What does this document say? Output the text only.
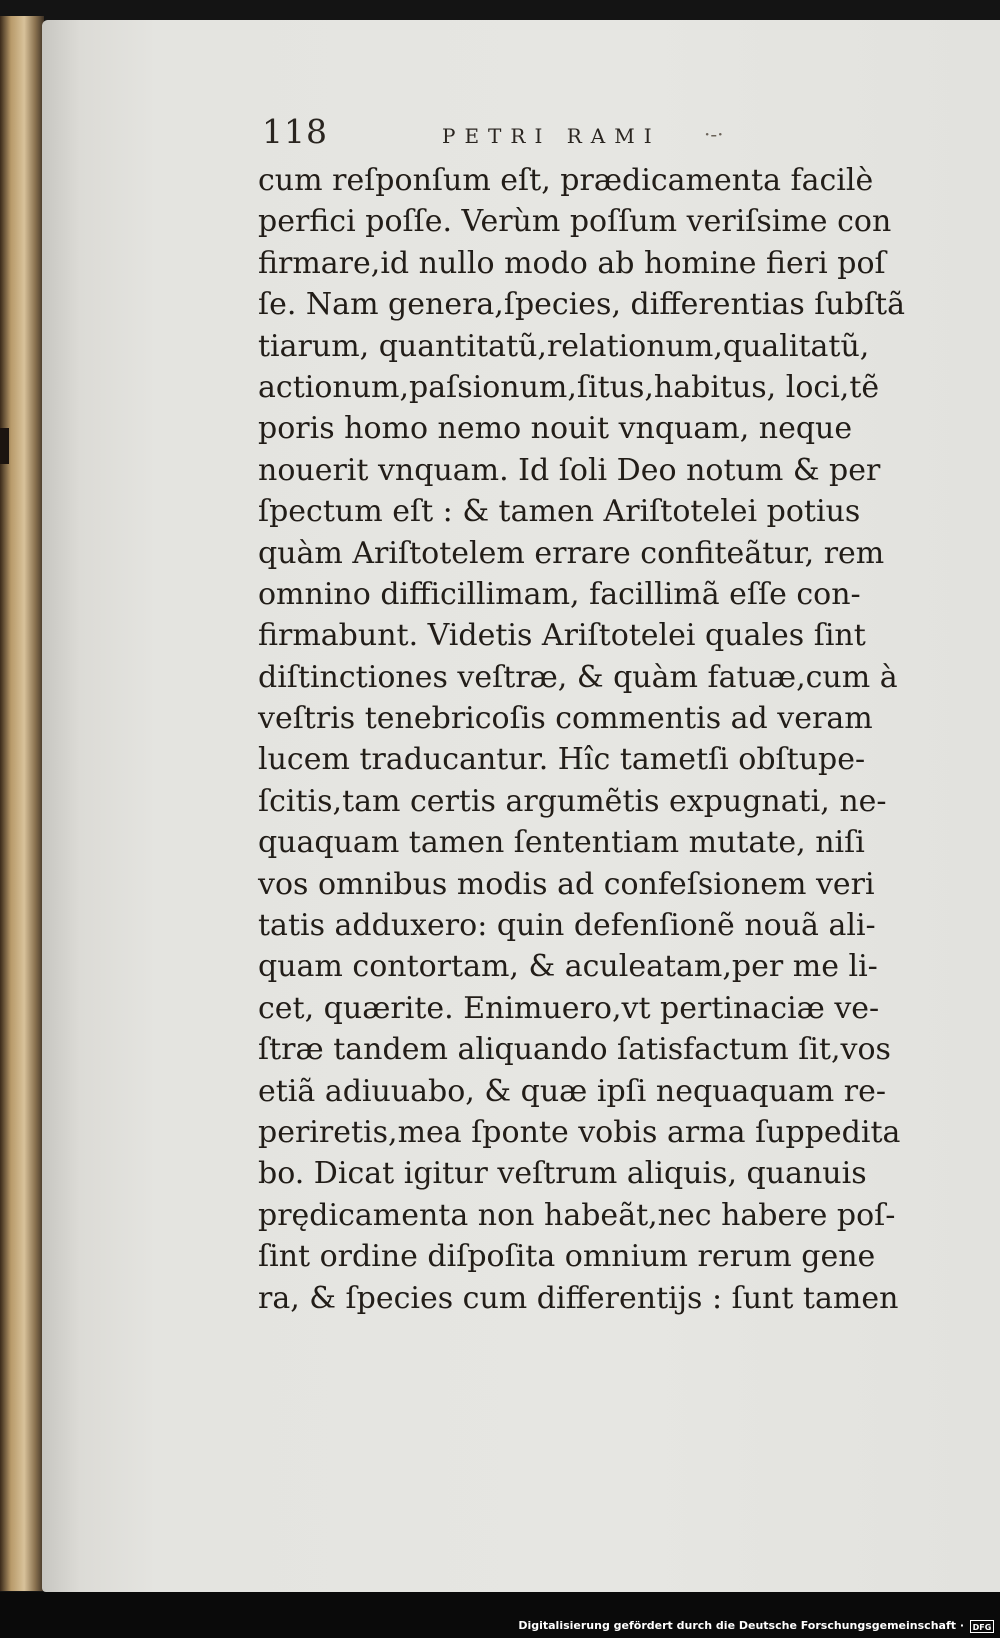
118	PETRI RAMI ·-·
cum reſponſum eſt, prædicamenta facilè
perfici poſſe. Verùm poſſum veriſsime con
firmare,id nullo modo ab homine fieri poſ
ſe. Nam genera,ſpecies, differentias ſubſtã
tiarum, quantitatũ,relationum,qualitatũ,
actionum,paſsionum,ſitus,habitus, loci,tẽ
poris homo nemo nouit vnquam, neque
nouerit vnquam. Id ſoli Deo notum & per
ſpectum eſt : & tamen Ariſtotelei potius
quàm Ariſtotelem errare confiteãtur, rem
omnino difficillimam, facillimã eſſe con-
firmabunt. Videtis Ariſtotelei quales ſint
diſtinctiones veſtræ, & quàm fatuæ,cum à
veſtris tenebricoſis commentis ad veram
lucem traducantur. Hîc tametſi obſtupe-
ſcitis,tam certis argumẽtis expugnati, ne-
quaquam tamen ſententiam mutate, niſi
vos omnibus modis ad confeſsionem veri
tatis adduxero: quin defenſionẽ nouã ali-
quam contortam, & aculeatam,per me li-
cet, quærite. Enimuero,vt pertinaciæ ve-
ſtræ tandem aliquando ſatisfactum ſit,vos
etiã adiuuabo, & quæ ipſi nequaquam re-
periretis,mea ſponte vobis arma ſuppedita
bo. Dicat igitur veſtrum aliquis, quanuis
prędicamenta non habeãt,nec habere poſ-
ſint ordine diſpoſita omnium rerum gene
ra, & ſpecies cum differentijs : ſunt tamen
Digitalisierung gefördert durch die Deutsche Forschungsgemeinschaft ·	DFG
